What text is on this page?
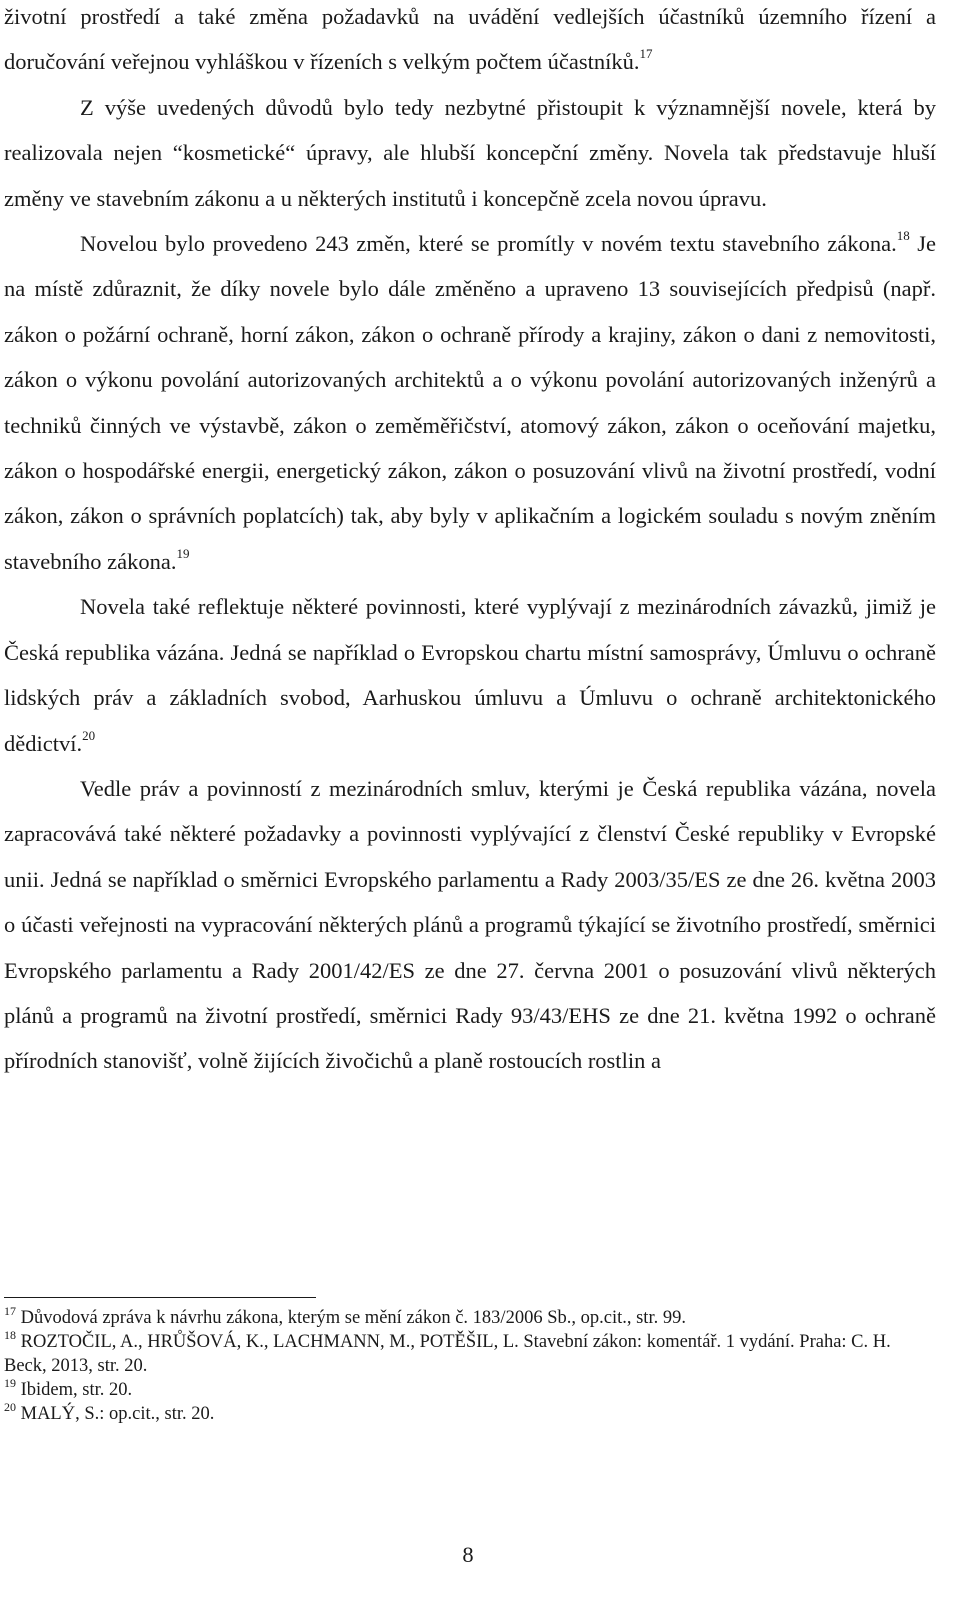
životní prostředí a také změna požadavků na uvádění vedlejších účastníků územního řízení a doručování veřejnou vyhláškou v řízeních s velkým počtem účastníků.$^{17}$

Z výše uvedených důvodů bylo tedy nezbytné přistoupit k významnější novele, která by realizovala nejen “kosmetické“ úpravy, ale hlubší koncepční změny. Novela tak představuje hluší změny ve stavebním zákonu a u některých institutů i koncepčně zcela novou úpravu.

Novelou bylo provedeno 243 změn, které se promítly v novém textu stavebního zákona.$^{18}$ Je na místě zdůraznit, že díky novele bylo dále změněno a upraveno 13 souvisejících předpisů (např. zákon o požární ochraně, horní zákon, zákon o ochraně přírody a krajiny, zákon o dani z nemovitosti, zákon o výkonu povolání autorizovaných architektů a o výkonu povolání autorizovaných inženýrů a techniků činných ve výstavbě, zákon o zeměměřičství, atomový zákon, zákon o oceňování majetku, zákon o hospodářské energii, energetický zákon, zákon o posuzování vlivů na životní prostředí, vodní zákon, zákon o správních poplatcích) tak, aby byly v aplikačním a logickém souladu s novým zněním stavebního zákona.$^{19}$

Novela také reflektuje některé povinnosti, které vyplývají z mezinárodních závazků, jimiž je Česká republika vázána. Jedná se například o Evropskou chartu místní samosprávy, Úmluvu o ochraně lidských práv a základních svobod, Aarhuskou úmluvu a Úmluvu o ochraně architektonického dědictví.$^{20}$

Vedle práv a povinností z mezinárodních smluv, kterými je Česká republika vázána, novela zapracovává také některé požadavky a povinnosti vyplývající z členství České republiky v Evropské unii. Jedná se například o směrnici Evropského parlamentu a Rady 2003/35/ES ze dne 26. května 2003 o účasti veřejnosti na vypracování některých plánů a programů týkající se životního prostředí, směrnici Evropského parlamentu a Rady 2001/42/ES ze dne 27. června 2001 o posuzování vlivů některých plánů a programů na životní prostředí, směrnici Rady 93/43/EHS ze dne 21. května 1992 o ochraně přírodních stanovišť, volně žijících živočichů a planě rostoucích rostlin a

$^{17}$ Důvodová zpráva k návrhu zákona, kterým se mění zákon č. 183/2006 Sb., op.cit., str. 99.

$^{18}$ ROZTOČIL, A., HRŮŠOVÁ, K., LACHMANN, M., POTĚŠIL, L. Stavební zákon: komentář. 1 vydání. Praha: C. H. Beck, 2013, str. 20.

$^{19}$ Ibidem, str. 20.

$^{20}$ MALÝ, S.: op.cit., str. 20.

8
